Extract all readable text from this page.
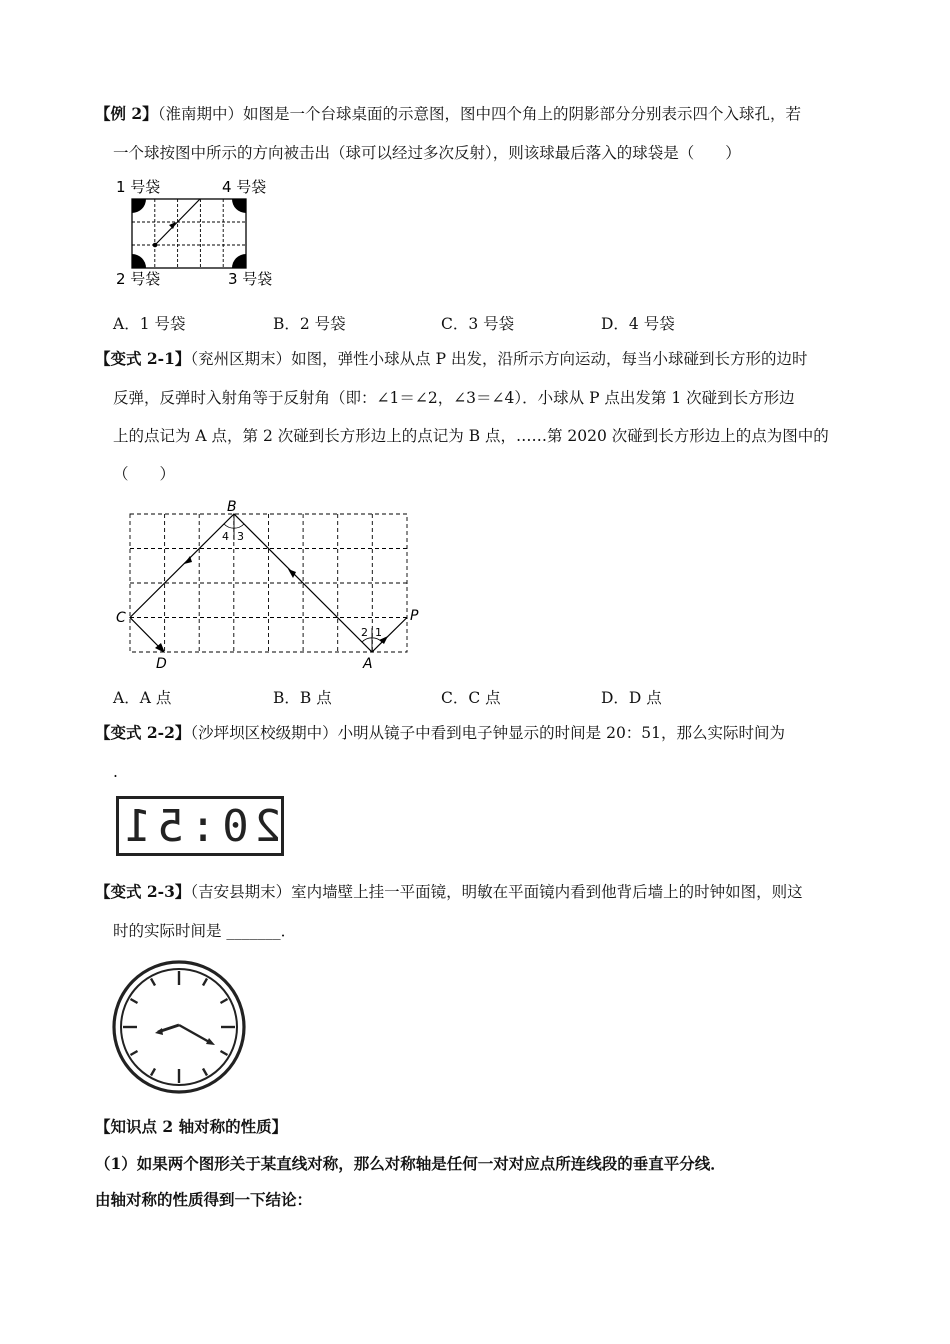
【例 2】（淮南期中）如图是一个台球桌面的示意图，图中四个角上的阴影部分分别表示四个入球孔，若
一个球按图中所示的方向被击出（球可以经过多次反射），则该球最后落入的球袋是（　　）
1 号袋	4 号袋
2 号袋	3 号袋
A．1 号袋	B．2 号袋	C．3 号袋	D．4 号袋
【变式 2-1】（兖州区期末）如图，弹性小球从点 P 出发，沿所示方向运动，每当小球碰到长方形的边时
反弹，反弹时入射角等于反射角（即：∠1＝∠2，∠3＝∠4）．小球从 P 点出发第 1 次碰到长方形边
上的点记为 A 点，第 2 次碰到长方形边上的点记为 B 点，……第 2020 次碰到长方形边上的点为图中的
（　　）
B
C
D	A
P
2 1
4 3
A．A 点	B．B 点	C．C 点	D．D 点
【变式 2-2】（沙坪坝区校级期中）小明从镜子中看到电子钟显示的时间是 20：51，那么实际时间为
.
20:51
【变式 2-3】（吉安县期末）室内墙壁上挂一平面镜，明敏在平面镜内看到他背后墙上的时钟如图，则这
时的实际时间是 _______．
【知识点 2 轴对称的性质】
（1）如果两个图形关于某直线对称，那么对称轴是任何一对对应点所连线段的垂直平分线．
由轴对称的性质得到一下结论：
